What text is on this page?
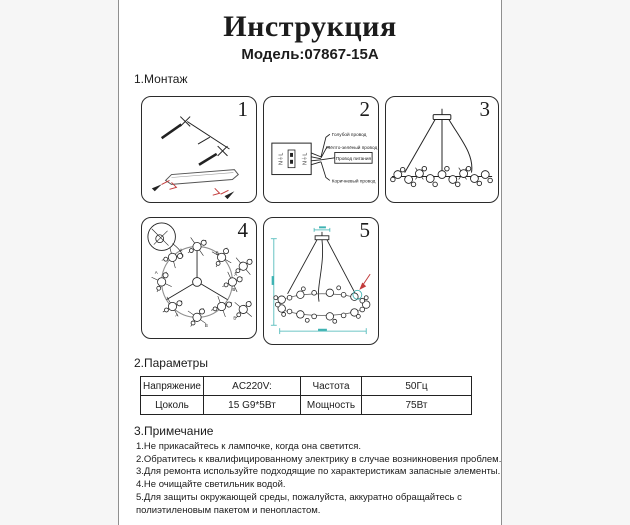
Инструкция
Модель:07867-15A
1.Монтаж
1
N⏚L	N⏚L
Голубой провод
Жёлто-зелёный провод
Провод питания
Коричневый провод
2	3
A
B
A
B
A
B
A
B
4	5
2.Параметры
Напряжение	AC220V:	Частота	50Гц
Цоколь	15 G9*5Вт	Мощность	75Вт
3.Примечание
1.Не прикасайтесь к лампочке, когда она светится.
2.Обратитесь к квалифицированному электрику в случае возникновения проблем.
3.Для ремонта используйте подходящие по характеристикам запасные элементы.
4.Не очищайте светильник водой.
5.Для защиты окружающей среды, пожалуйста, аккуратно обращайтесь с полиэтиленовым пакетом и пенопластом.
